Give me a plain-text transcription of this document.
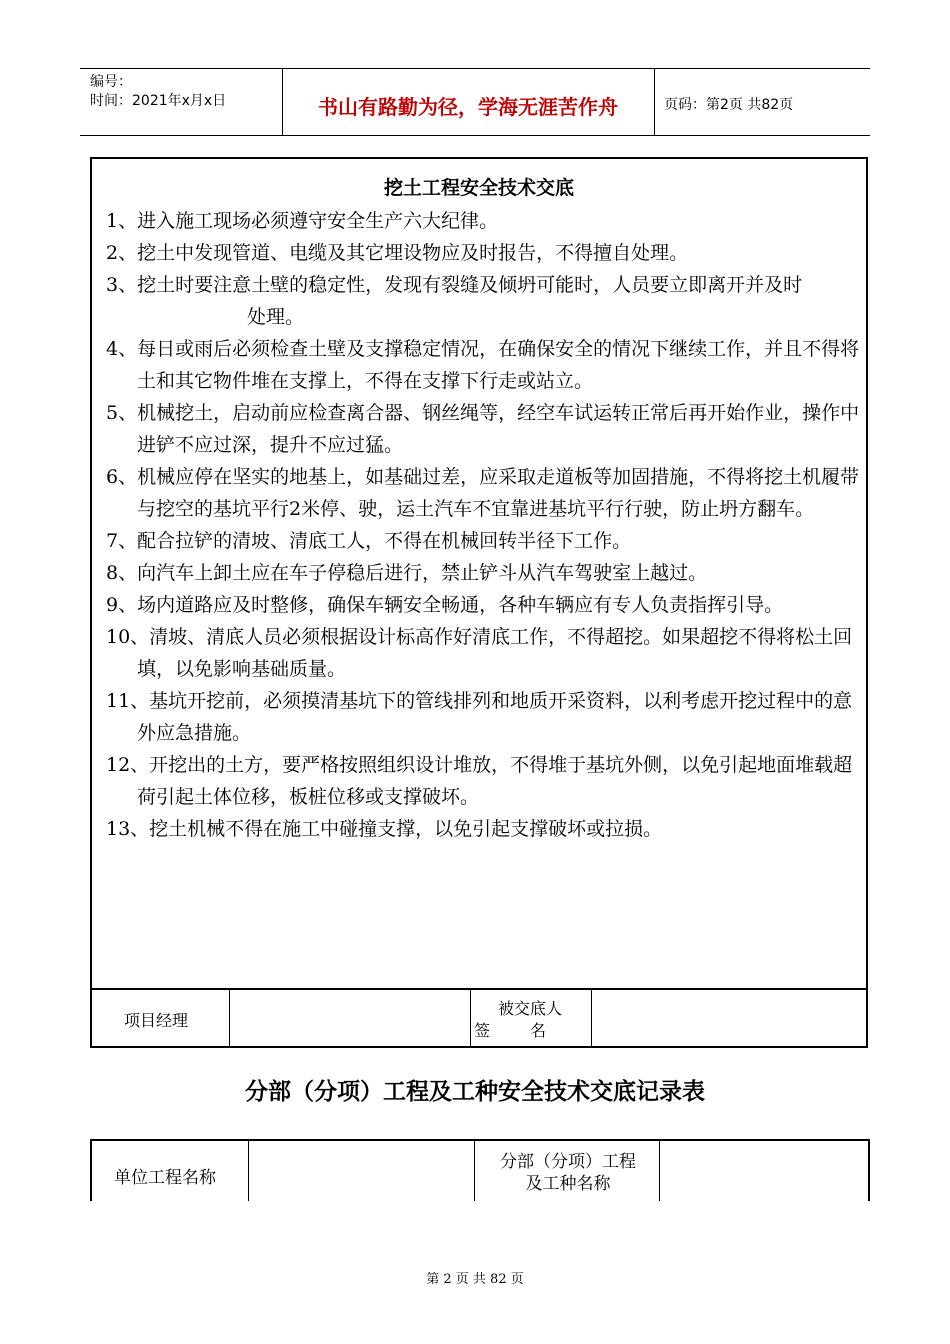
编号：
时间：2021年x月x日	书山有路勤为径，学海无涯苦作舟	页码：第2页 共82页
挖土工程安全技术交底

1、进入施工现场必须遵守安全生产六大纪律。

2、挖土中发现管道、电缆及其它埋设物应及时报告，不得擅自处理。

3、挖土时要注意土壁的稳定性，发现有裂缝及倾坍可能时，人员要立即离开并及时处理。

4、每日或雨后必须检查土壁及支撑稳定情况，在确保安全的情况下继续工作，并且不得将土和其它物件堆在支撑上，不得在支撑下行走或站立。

5、机械挖土，启动前应检查离合器、钢丝绳等，经空车试运转正常后再开始作业，操作中进铲不应过深，提升不应过猛。

6、机械应停在坚实的地基上，如基础过差，应采取走道板等加固措施，不得将挖土机履带与挖空的基坑平行2米停、驶，运土汽车不宜靠进基坑平行行驶，防止坍方翻车。

7、配合拉铲的清坡、清底工人，不得在机械回转半径下工作。

8、向汽车上卸土应在车子停稳后进行，禁止铲斗从汽车驾驶室上越过。

9、场内道路应及时整修，确保车辆安全畅通，各种车辆应有专人负责指挥引导。

10、清坡、清底人员必须根据设计标高作好清底工作，不得超挖。如果超挖不得将松土回填，以免影响基础质量。

11、基坑开挖前，必须摸清基坑下的管线排列和地质开采资料，以利考虑开挖过程中的意外应急措施。

12、开挖出的土方，要严格按照组织设计堆放，不得堆于基坑外侧，以免引起地面堆载超荷引起土体位移，板桩位移或支撑破坏。

13、挖土机械不得在施工中碰撞支撑，以免引起支撑破坏或拉损。

项目经理
被交底人
签名
分部（分项）工程及工种安全技术交底记录表
单位工程名称
分部（分项）工程
及工种名称
第 2 页 共 82 页
